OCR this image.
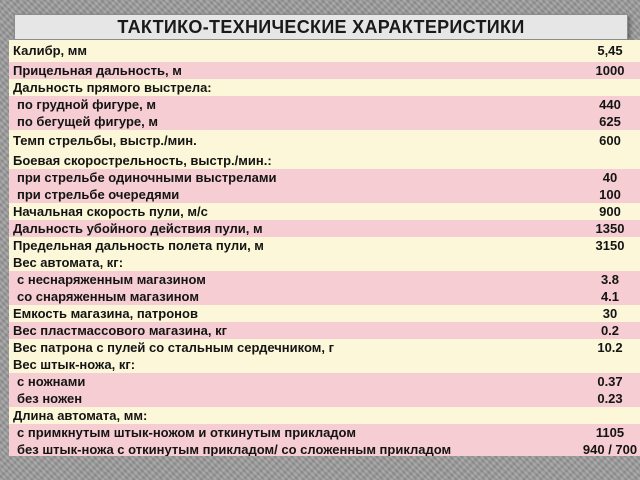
ТАКТИКО-ТЕХНИЧЕСКИЕ ХАРАКТЕРИСТИКИ
Калибр, мм	5,45
Прицельная дальность, м	1000
Дальность прямого выстрела:
по грудной фигуре, м	440
по бегущей фигуре, м	625
Темп стрельбы, выстр./мин.	600
Боевая скорострельность, выстр./мин.:
при стрельбе одиночными выстрелами	40
при стрельбе очередями	100
Начальная скорость пули, м/с	900
Дальность убойного действия пули, м	1350
Предельная дальность полета пули, м	3150
Вес автомата, кг:
с неснаряженным магазином	3.8
со снаряженным магазином	4.1
Емкость магазина, патронов	30
Вес пластмассового магазина, кг	0.2
Вес патрона с пулей со стальным сердечником, г	10.2
Вес штык-ножа, кг:
с ножнами	0.37
без ножен	0.23
Длина автомата, мм:
с примкнутым штык-ножом и откинутым прикладом	1105
без штык-ножа с откинутым прикладом/ со сложенным прикладом	940 / 700
